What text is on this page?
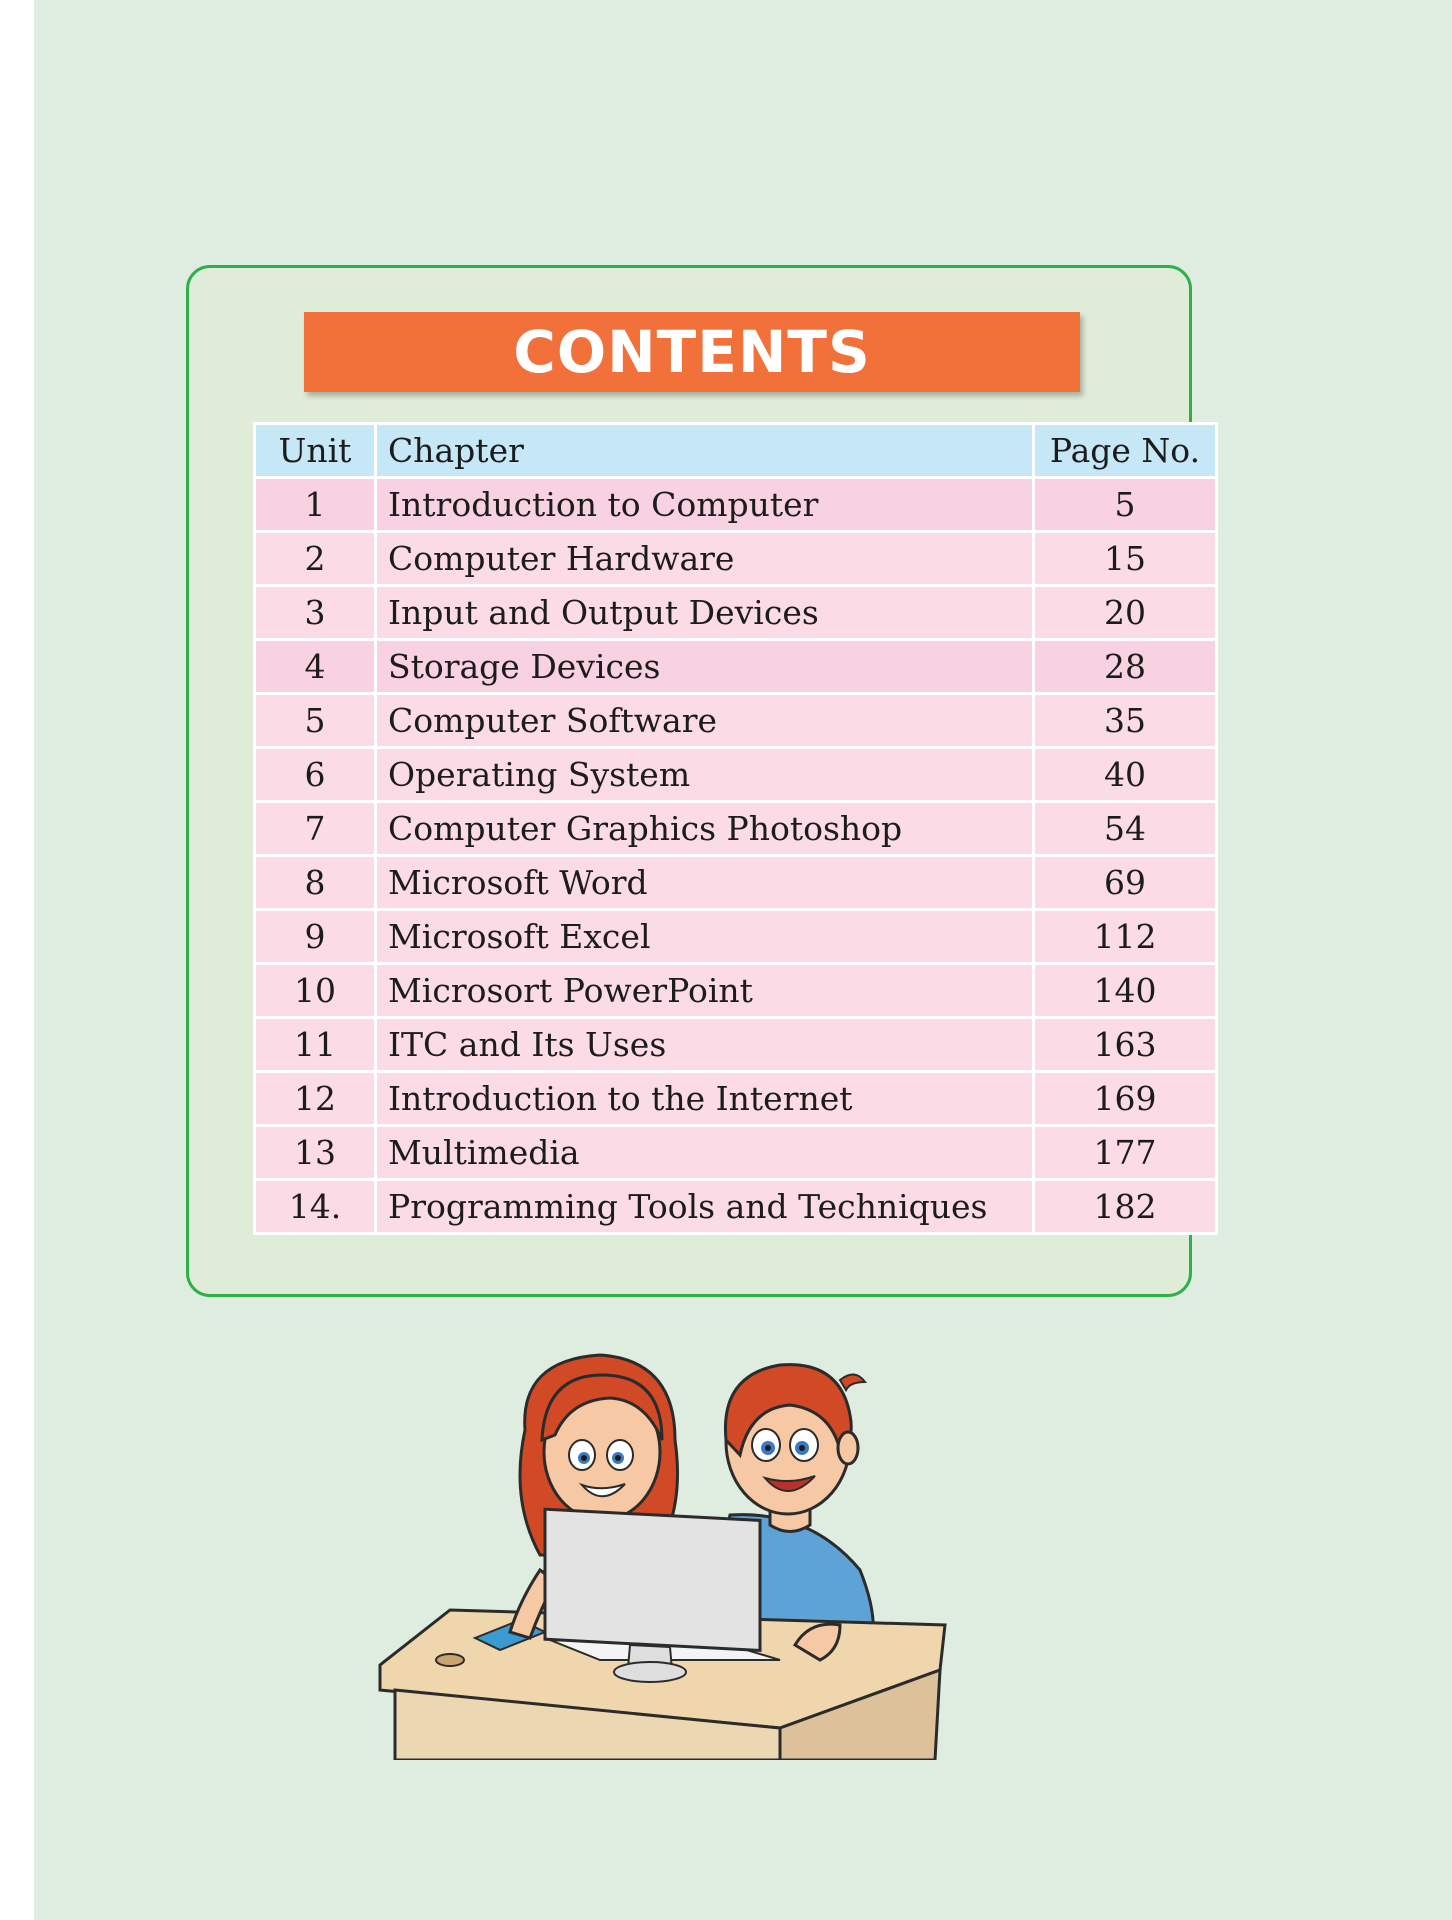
CONTENTS
Unit	Chapter	Page No.
1	Introduction to Computer	5
2	Computer Hardware	15
3	Input and Output Devices	20
4	Storage Devices	28
5	Computer Software	35
6	Operating System	40
7	Computer Graphics Photoshop	54
8	Microsoft Word	69
9	Microsoft Excel	112
10	Microsort PowerPoint	140
11	ITC and Its Uses	163
12	Introduction to the Internet	169
13	Multimedia	177
14.	Programming Tools and Techniques	182
